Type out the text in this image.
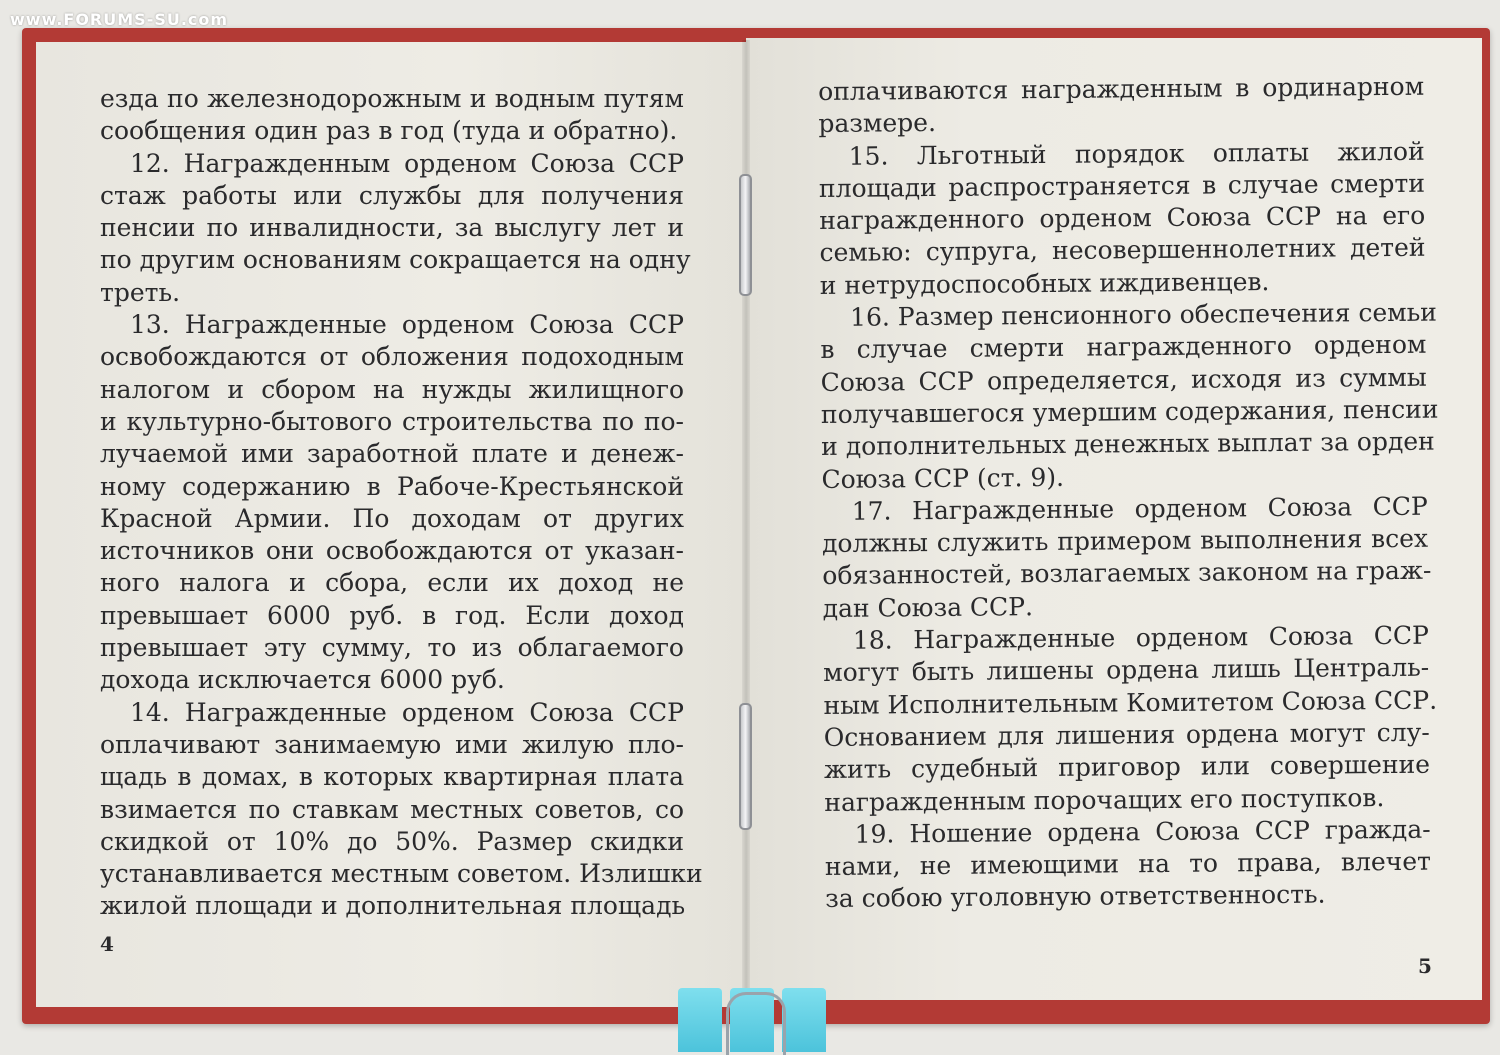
www.FORUMS-SU.com
езда по железнодорожным и водным путям
сообщения один раз в год (туда и обратно).
12. Награжденным орденом Союза ССР
стаж работы или службы для получения
пенсии по инвалидности, за выслугу лет и
по другим основаниям сокращается на одну
треть.
13. Награжденные орденом Союза ССР
освобождаются от обложения подоходным
налогом и сбором на нужды жилищного
и культурно-бытового строительства по по-
лучаемой ими заработной плате и денеж-
ному содержанию в Рабоче-Крестьянской
Красной Армии. По доходам от других
источников они освобождаются от указан-
ного налога и сбора, если их доход не
превышает 6000 руб. в год. Если доход
превышает эту сумму, то из облагаемого
дохода исключается 6000 руб.
14. Награжденные орденом Союза ССР
оплачивают занимаемую ими жилую пло-
щадь в домах, в которых квартирная плата
взимается по ставкам местных советов, со
скидкой от 10% до 50%. Размер скидки
устанавливается местным советом. Излишки
жилой площади и дополнительная площадь
4
оплачиваются награжденным в ординарном
размере.
15. Льготный порядок оплаты жилой
площади распространяется в случае смерти
награжденного орденом Союза ССР на его
семью: супруга, несовершеннолетних детей
и нетрудоспособных иждивенцев.
16. Размер пенсионного обеспечения семьи
в случае смерти награжденного орденом
Союза ССР определяется, исходя из суммы
получавшегося умершим содержания, пенсии
и дополнительных денежных выплат за орден
Союза ССР (ст. 9).
17. Награжденные орденом Союза ССР
должны служить примером выполнения всех
обязанностей, возлагаемых законом на граж-
дан Союза ССР.
18. Награжденные орденом Союза ССР
могут быть лишены ордена лишь Централь-
ным Исполнительным Комитетом Союза ССР.
Основанием для лишения ордена могут слу-
жить судебный приговор или совершение
награжденным порочащих его поступков.
19. Ношение ордена Союза ССР гражда-
нами, не имеющими на то права, влечет
за собою уголовную ответственность.
5
